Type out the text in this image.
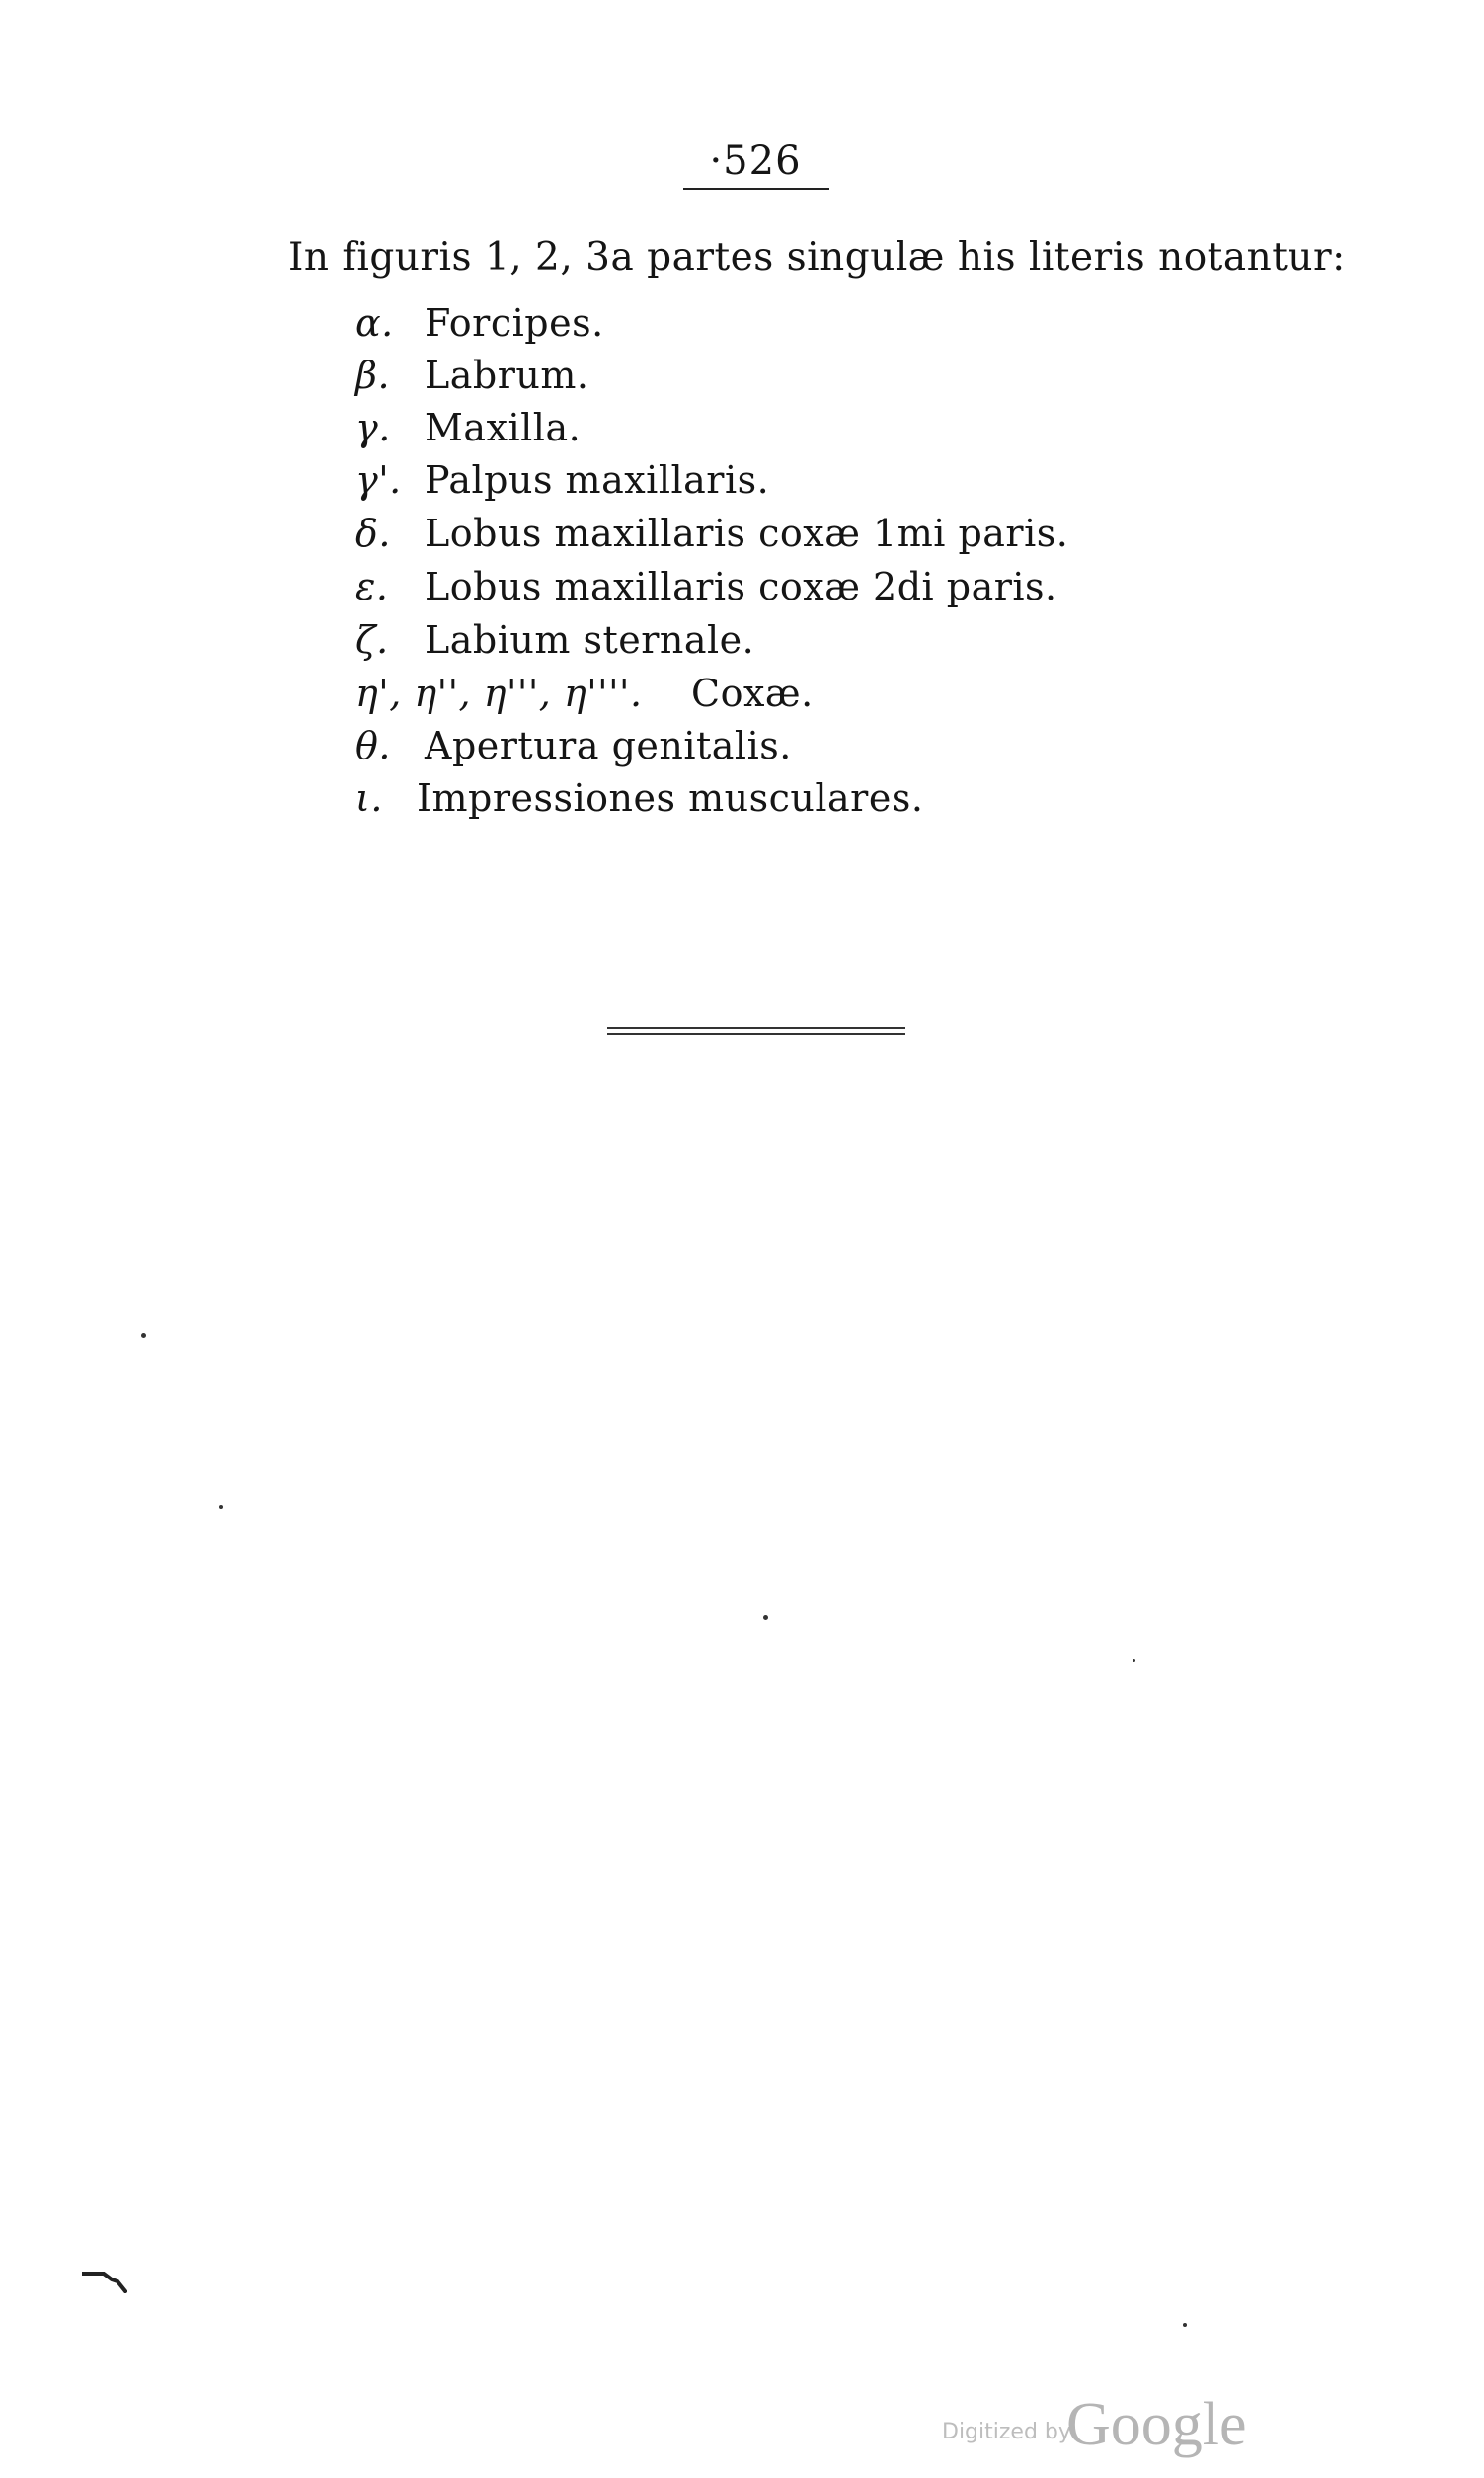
·526
In figuris 1, 2, 3a partes singulæ his literis notantur:
α. Forcipes.
β. Labrum.
γ. Maxilla.
γ'. Palpus maxillaris.
δ. Lobus maxillaris coxæ 1mi paris.
ε. Lobus maxillaris coxæ 2di paris.
ζ. Labium sternale.
η', η'', η''', η''''. Coxæ.
θ. Apertura genitalis.
ι. Impressiones musculares.
Digitized by
Google
